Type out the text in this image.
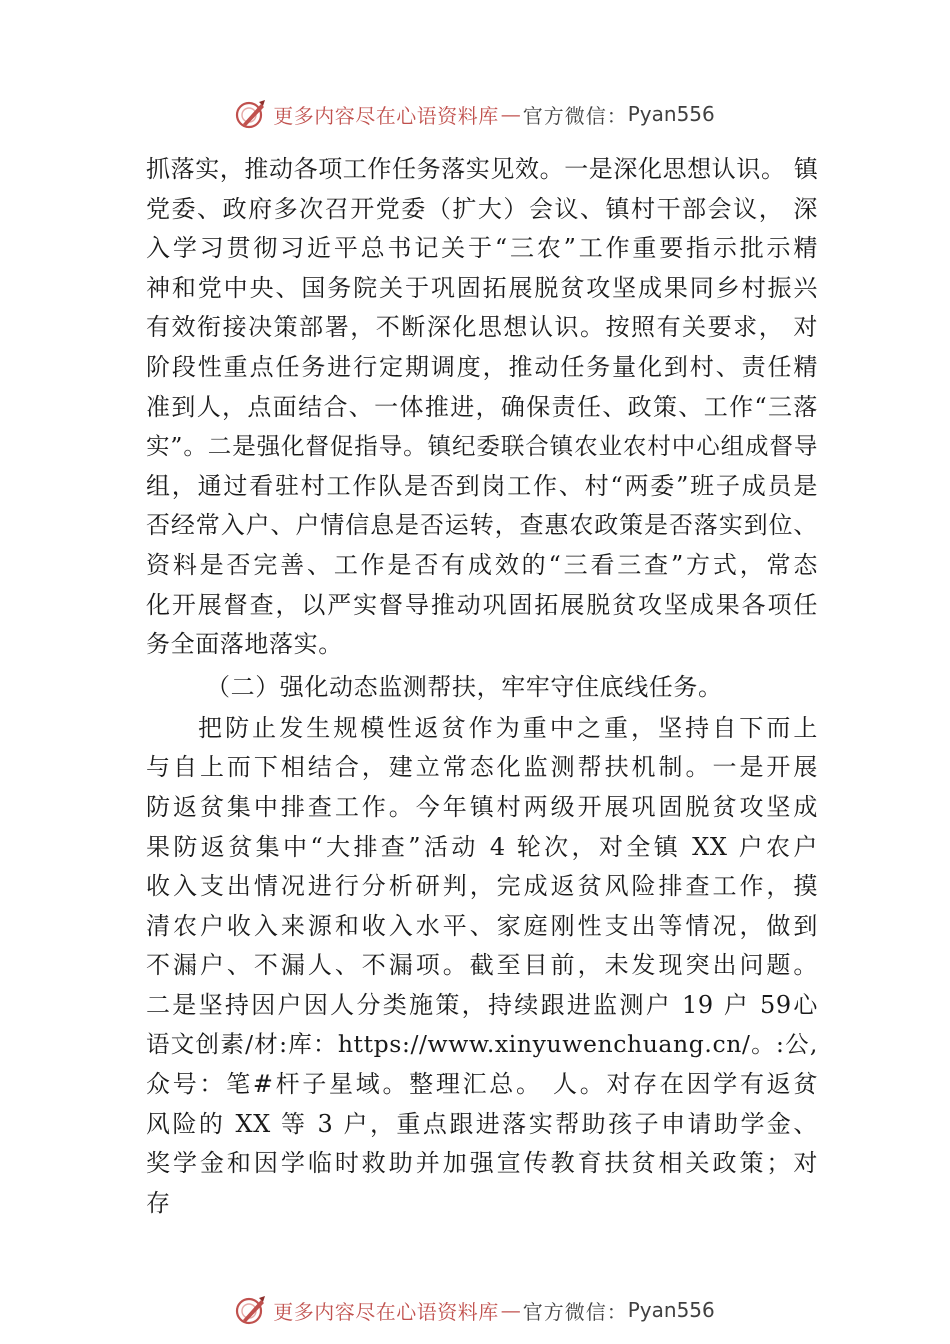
更多内容尽在心语资料库 — 官方微信： Pyan556
抓落实，推动各项工作任务落实见效。一是深化思想认识。 镇
党委、政府多次召开党委（扩大）会议、镇村干部会议， 深
入学习贯彻习近平总书记关于“三农”工作重要指示批示精
神和党中央、国务院关于巩固拓展脱贫攻坚成果同乡村振兴
有效衔接决策部署，不断深化思想认识。按照有关要求， 对
阶段性重点任务进行定期调度，推动任务量化到村、责任精
准到人，点面结合、一体推进，确保责任、政策、工作“三落
实”。二是强化督促指导。镇纪委联合镇农业农村中心组成督导
组，通过看驻村工作队是否到岗工作、村“两委”班子成员是
否经常入户、户情信息是否运转，查惠农政策是否落实到位、
资料是否完善、工作是否有成效的“三看三查”方式，常态
化开展督查，以严实督导推动巩固拓展脱贫攻坚成果各项任
务全面落地落实。
（二）强化动态监测帮扶，牢牢守住底线任务。
把防止发生规模性返贫作为重中之重，坚持自下而上
与自上而下相结合，建立常态化监测帮扶机制。一是开展
防返贫集中排查工作。今年镇村两级开展巩固脱贫攻坚成
果防返贫集中“大排查”活动 4 轮次，对全镇 XX 户农户
收入支出情况进行分析研判，完成返贫风险排查工作，摸
清农户收入来源和收入水平、家庭刚性支出等情况，做到
不漏户、不漏人、不漏项。截至目前，未发现突出问题。
二是坚持因户因人分类施策，持续跟进监测户 19 户 59心
语文创素/材:库：https://www.xinyuwenchuang.cn/。:公,
众号：笔#杆子星域。整理汇总。 人。对存在因学有返贫
风险的 XX 等 3 户，重点跟进落实帮助孩子申请助学金、
奖学金和因学临时救助并加强宣传教育扶贫相关政策；对
存
更多内容尽在心语资料库 — 官方微信： Pyan556
